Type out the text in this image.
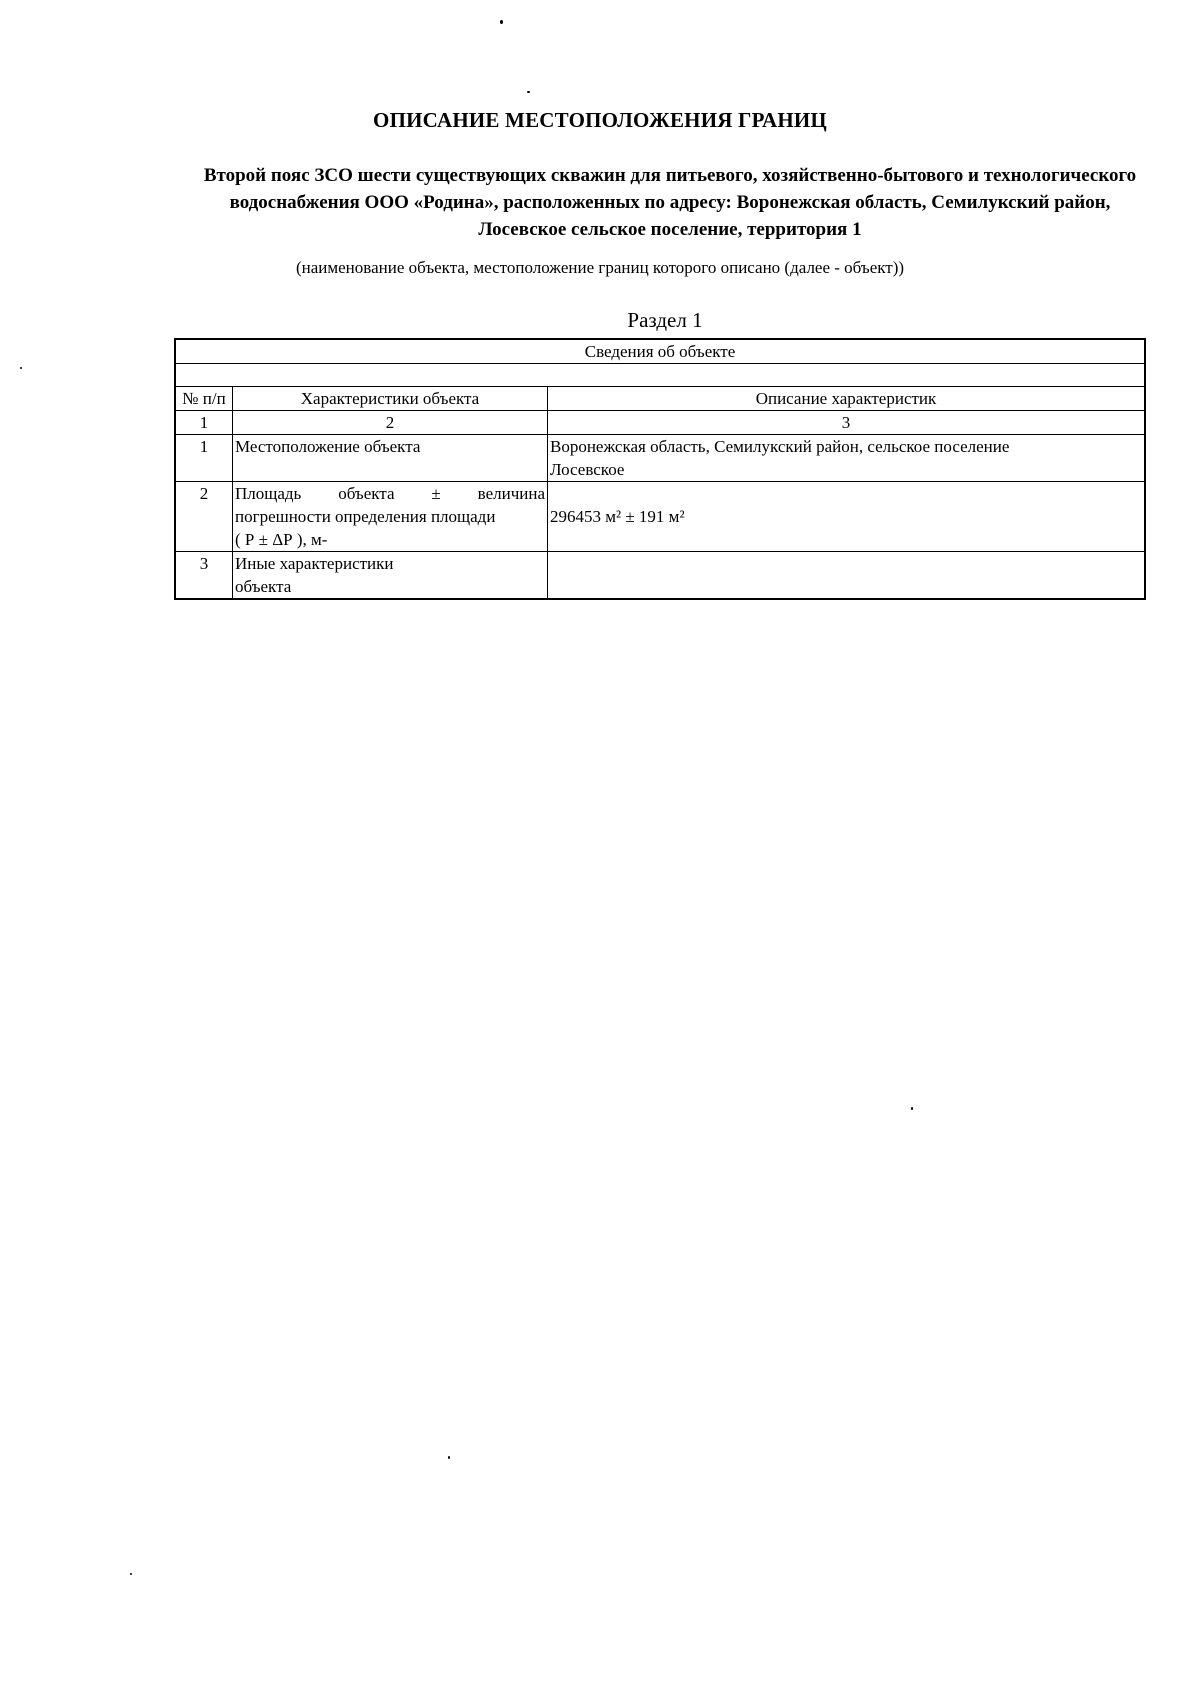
ОПИСАНИЕ МЕСТОПОЛОЖЕНИЯ ГРАНИЦ
Второй пояс ЗСО шести существующих скважин для питьевого, хозяйственно-бытового и технологического водоснабжения ООО «Родина», расположенных по адресу: Воронежская область, Семилукский район, Лосевское сельское поселение, территория 1
(наименование объекта, местоположение границ которого описано (далее - объект))
Раздел 1
Сведения об объекте		

№ п/п	Характеристики объекта	Описание характеристик
1	2	3
1	Местоположение объекта	Воронежская область, Семилукский район, сельское поселение
Лосевское

2	Площадь объекта ± величина
погрешности определения площади
( Р ± ΔР ), м-	296453 м² ± 191 м²
3	Иные характеристики
объекта	
